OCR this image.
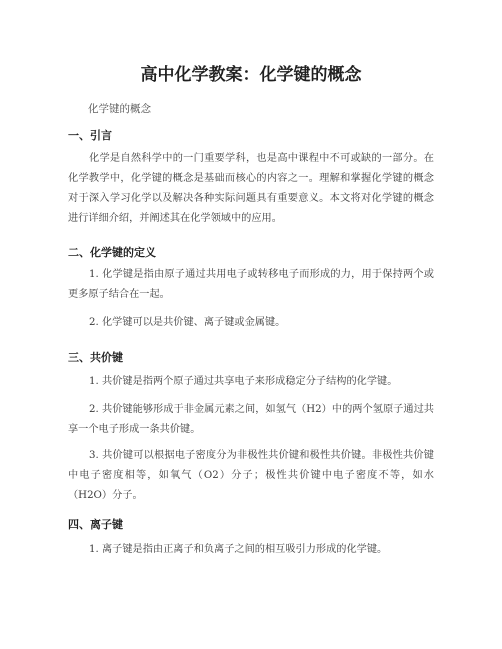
高中化学教案：化学键的概念
化学键的概念
一、引言

化学是自然科学中的一门重要学科，也是高中课程中不可或缺的一部分。在化学教学中，化学键的概念是基础而核心的内容之一。理解和掌握化学键的概念对于深入学习化学以及解决各种实际问题具有重要意义。本文将对化学键的概念进行详细介绍，并阐述其在化学领域中的应用。

二、化学键的定义

1. 化学键是指由原子通过共用电子或转移电子而形成的力，用于保持两个或更多原子结合在一起。

2. 化学键可以是共价键、离子键或金属键。

三、共价键

1. 共价键是指两个原子通过共享电子来形成稳定分子结构的化学键。

2. 共价键能够形成于非金属元素之间，如氢气（H2）中的两个氢原子通过共享一个电子形成一条共价键。

3. 共价键可以根据电子密度分为非极性共价键和极性共价键。非极性共价键中电子密度相等，如氧气（O2）分子；极性共价键中电子密度不等，如水（H2O）分子。

四、离子键

1. 离子键是指由正离子和负离子之间的相互吸引力形成的化学键。
